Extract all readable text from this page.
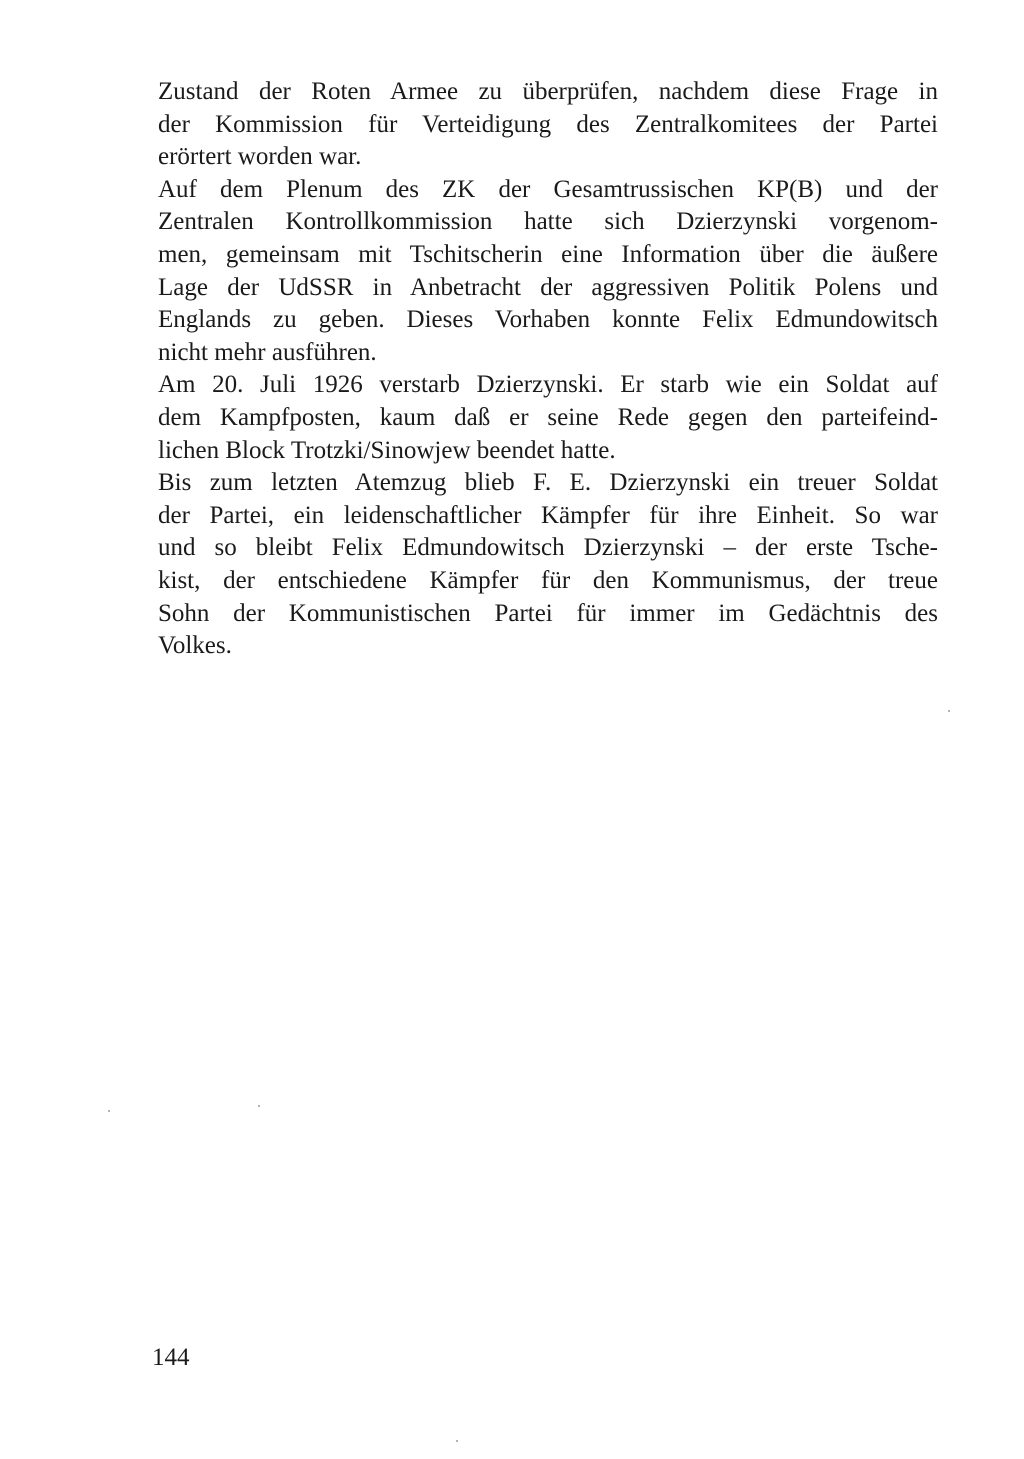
Zustand der Roten Armee zu überprüfen, nachdem diese Frage in
der Kommission für Verteidigung des Zentralkomitees der Partei
erörtert worden war.
Auf dem Plenum des ZK der Gesamtrussischen KP(B) und der
Zentralen Kontrollkommission hatte sich Dzierzynski vorgenom-
men, gemeinsam mit Tschitscherin eine Information über die äußere
Lage der UdSSR in Anbetracht der aggressiven Politik Polens und
Englands zu geben. Dieses Vorhaben konnte Felix Edmundowitsch
nicht mehr ausführen.
Am 20. Juli 1926 verstarb Dzierzynski. Er starb wie ein Soldat auf
dem Kampfposten, kaum daß er seine Rede gegen den parteifeind-
lichen Block Trotzki/Sinowjew beendet hatte.
Bis zum letzten Atemzug blieb F. E. Dzierzynski ein treuer Soldat
der Partei, ein leidenschaftlicher Kämpfer für ihre Einheit. So war
und so bleibt Felix Edmundowitsch Dzierzynski – der erste Tsche-
kist, der entschiedene Kämpfer für den Kommunismus, der treue
Sohn der Kommunistischen Partei für immer im Gedächtnis des
Volkes.
144
